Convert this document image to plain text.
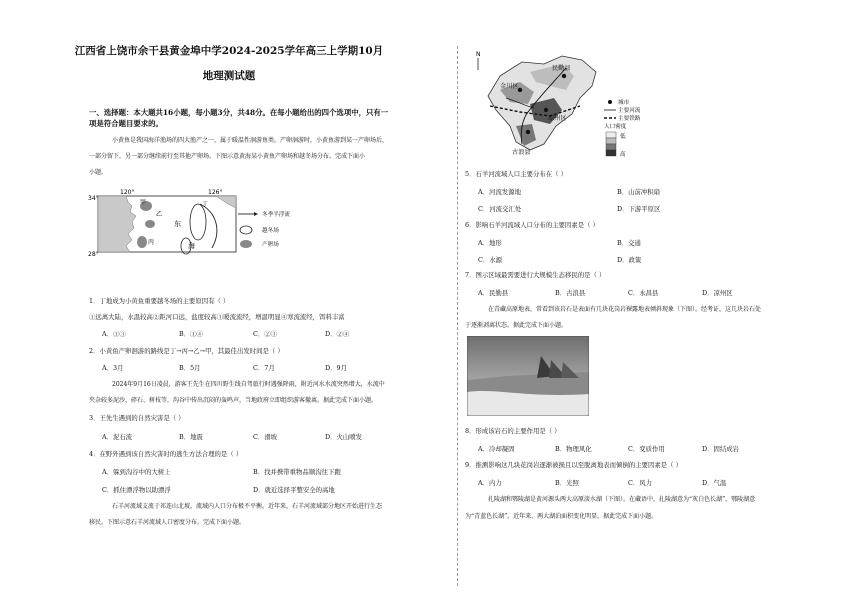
江西省上饶市余干县黄金埠中学2024-2025学年高三上学期10月
地理测试题
一、选择题：本大题共16小题，每小题3分，共48分。在每小题给出的四个选项中，只有一
项是符合题目要求的。
小黄鱼是我国海洋渔场的四大渔产之一，属于暖温性洄游鱼类。产卵洄游时，小黄鱼游到某一产卵场后，
一部分留下，另一部分继续前行至其他产卵场。下图示意黄海某小黄鱼产卵场和越冬场分布。完成下面小
小题。
120°	126°
34°
28°
甲
乙
丙
丁
东
海
冬季半浮流
越冬场
产卵场
1．丁地成为小黄鱼重要越冬场的主要原因有（ ）
①远离大陆，水温较高②距河口远，盐度较高③暖流流经，增温明显④寒流流经，饵料丰富
A．①③	B．①④	C．②③	D．②④
2．小黄鱼产卵洄游的路线是丁→丙→乙→甲，其最佳出发时间是（ ）
A．3月	B．5月	C．7月	D．9月
2024年9月16日凌晨，游客王先生在四川野生线自驾旅行时遇强降雨，附近河水水流突然增大，水流中
夹杂较多泥沙、碎石、树枝等，沟谷中传出沉闷的轰鸣声，当地政府立即组织游客撤离。据此完成下面小题。
3．王先生遇到的自然灾害是（ ）
A．泥石流	B．地震	C．滑坡	D．火山喷发
4．在野外遇到该自然灾害时的逃生方法合理的是（ ）
A．躲到沟谷中的大树上	B．找并携带重物品顺沟往下跑
C．抓住漂浮物以助漂浮	D．就近选择平整安全的高地
石羊河流域支流于祁连山北坡，流域内人口分布极不平衡。近年来，石羊河流域部分地区开始进行生态
移民。下图示意石羊河流域人口密度分布。完成下面小题。
N
民勤县
金川区
凉州区
古浪县
城市
主要河流
主要铁路
人口密度
低
高
5．石羊河流域人口主要分布在（ ）
A．河流发源地	B．山前冲积扇
C．河流交汇处	D．下游平原区
6．影响石羊河流域人口分布的主要因素是（ ）
A．地形	B．交通
C．水源	D．政策
7．图示区域最需要进行大规模生态移民的是（ ）
A．民勤县	B．古浪县	C．永昌县	D．凉州区
在青藏高原地表，常看到该岩石是表面有几块花岗岩裸露地表倾斜现象（下图）。经考证，这几块岩石处
于逐渐剥离状态。据此完成下面小题。
8．形成该岩石的主要作用是（ ）
A．冷却凝固	B．物理风化	C．变质作用	D．固结成岩
9．推测影响这几块花岗岩逐渐被损且以至脱离地表而倾倒的主要因素是（ ）
A．内力	B．光照	C．风力	D．气温
扎陵湖和鄂陵湖是黄河源头两大高原淡水湖（下图）。在藏语中，扎陵湖意为“灰白色长湖”，鄂陵湖意
为“青蓝色长湖”。近年来，两大湖泊面积变化明显。据此完成下面小题。
